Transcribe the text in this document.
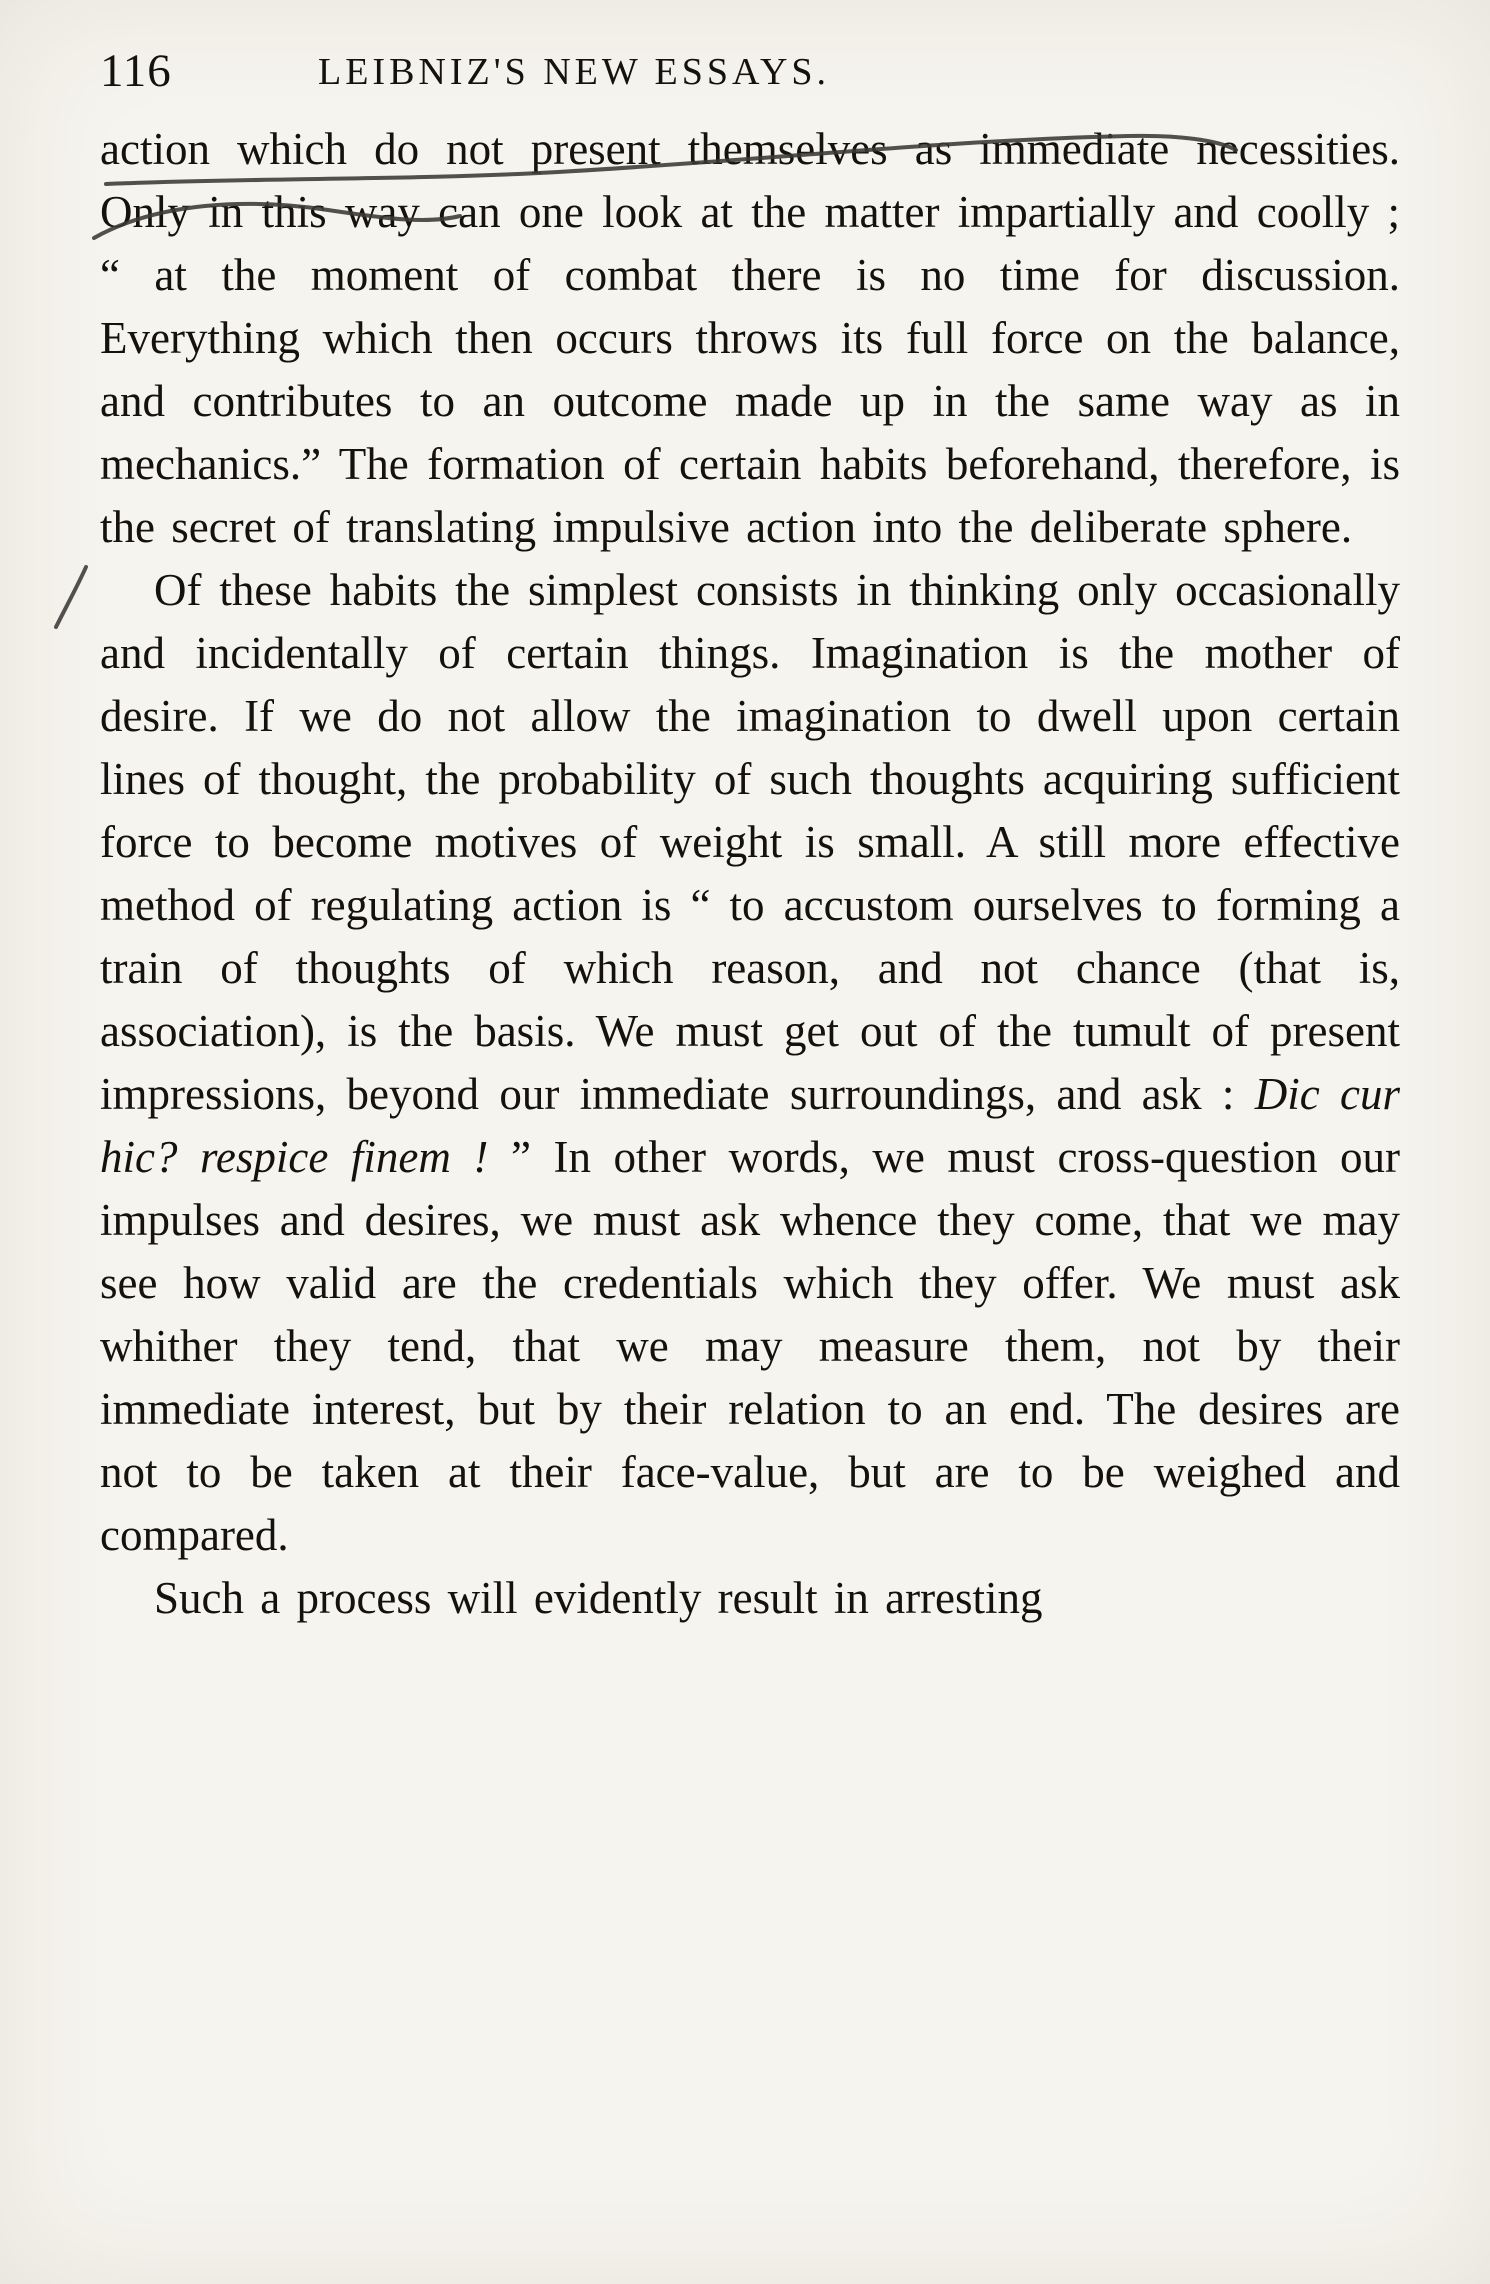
116	LEIBNIZ'S NEW ESSAYS.

action which do not present themselves as immediate necessities. Only in this way can one look at the matter impartially and coolly ; “ at the moment of combat there is no time for discussion. Everything which then occurs throws its full force on the balance, and contributes to an outcome made up in the same way as in mechanics.” The formation of certain habits beforehand, therefore, is the secret of translating impulsive action into the deliberate sphere.

Of these habits the simplest consists in thinking only occasionally and incidentally of certain things. Imagination is the mother of desire. If we do not allow the imagination to dwell upon certain lines of thought, the probability of such thoughts acquiring sufficient force to become motives of weight is small. A still more effective method of regulating action is “ to accustom ourselves to forming a train of thoughts of which reason, and not chance (that is, association), is the basis. We must get out of the tumult of present impressions, beyond our immediate surroundings, and ask : Dic cur hic? respice finem ! ” In other words, we must cross-question our impulses and desires, we must ask whence they come, that we may see how valid are the credentials which they offer. We must ask whither they tend, that we may measure them, not by their immediate interest, but by their relation to an end. The desires are not to be taken at their face-value, but are to be weighed and compared.

Such a process will evidently result in arresting
